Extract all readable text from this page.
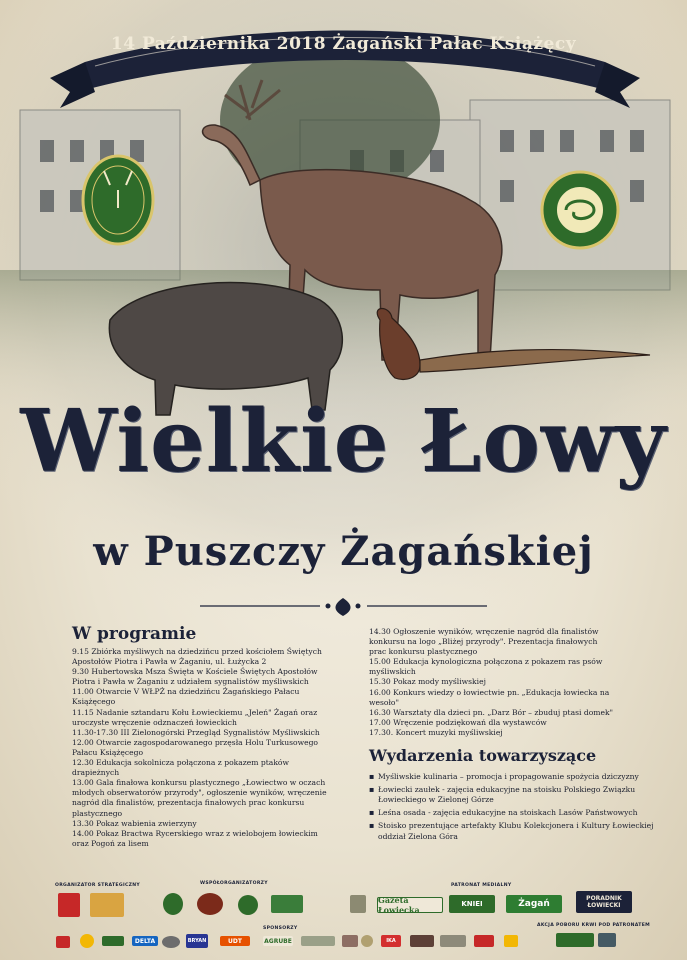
14 Października 2018 Żagański Pałac Książęcy
Wielkie Łowy
w Puszczy Żagańskiej
W programie

9.15 Zbiórka myśliwych na dziedzińcu przed kościołem Świętych

Apostołów Piotra i Pawła w Żaganiu, ul. Łużycka 2

9.30 Hubertowska Msza Święta w Kościele Świętych Apostołów

Piotra i Pawła w Żaganiu z udziałem sygnalistów myśliwskich

11.00 Otwarcie V WŁPŻ na dziedzińcu Żagańskiego Pałacu

Książęcego

11.15 Nadanie sztandaru Kołu Łowieckiemu „Jeleń" Żagań oraz

uroczyste wręczenie odznaczeń łowieckich

11.30-17.30 III Zielonogórski Przegląd Sygnalistów Myśliwskich

12.00 Otwarcie zagospodarowanego przęsła Holu Turkusowego

Pałacu Książęcego

12.30 Edukacja sokolnicza połączona z pokazem ptaków

drapieżnych

13.00 Gala finałowa konkursu plastycznego „Łowiectwo w oczach

młodych obserwatorów przyrody", ogłoszenie wyników, wręczenie

nagród dla finalistów, prezentacja finałowych prac konkursu

plastycznego

13.30 Pokaz wabienia zwierzyny

14.00 Pokaz Bractwa Rycerskiego wraz z wielobojem łowieckim

oraz Pogoń za lisem

14.30 Ogłoszenie wyników, wręczenie nagród dla finalistów

konkursu na logo „Bliżej przyrody". Prezentacja finałowych

prac konkursu plastycznego

15.00 Edukacja kynologiczna połączona z pokazem ras psów

myśliwskich

15.30 Pokaz mody myśliwskiej

16.00 Konkurs wiedzy o łowiectwie pn. „Edukacja łowiecka na

wesoło"

16.30 Warsztaty dla dzieci pn. „Darz Bór – zbuduj ptasi domek"

17.00 Wręczenie podziękowań dla wystawców

17.30. Koncert muzyki myśliwskiej

Wydarzenia towarzyszące
▪ Myśliwskie kulinaria – promocja i propagowanie spożycia dziczyzny
▪ Łowiecki zaułek - zajęcia edukacyjne na stoisku Polskiego Związku Łowieckiego w Zielonej Górze
▪ Leśna osada - zajęcia edukacyjne na stoiskach Lasów Państwowych
▪ Stoisko prezentujące artefakty Klubu Kolekcjonera i Kultury Łowieckiej oddział Zielona Góra
ORGANIZATOR STRATEGICZNY	WSPÓŁORGANIZATORZY	PATRONAT MEDIALNY
SPONSORZY
AKCJA POBORU KRWI POD PATRONATEM
Gazeta Łowiecka
KNIEI	Żagań
PORADNIK ŁOWIECKI
DELTA	BRYAN	UDT	AGRUBE	IKA
